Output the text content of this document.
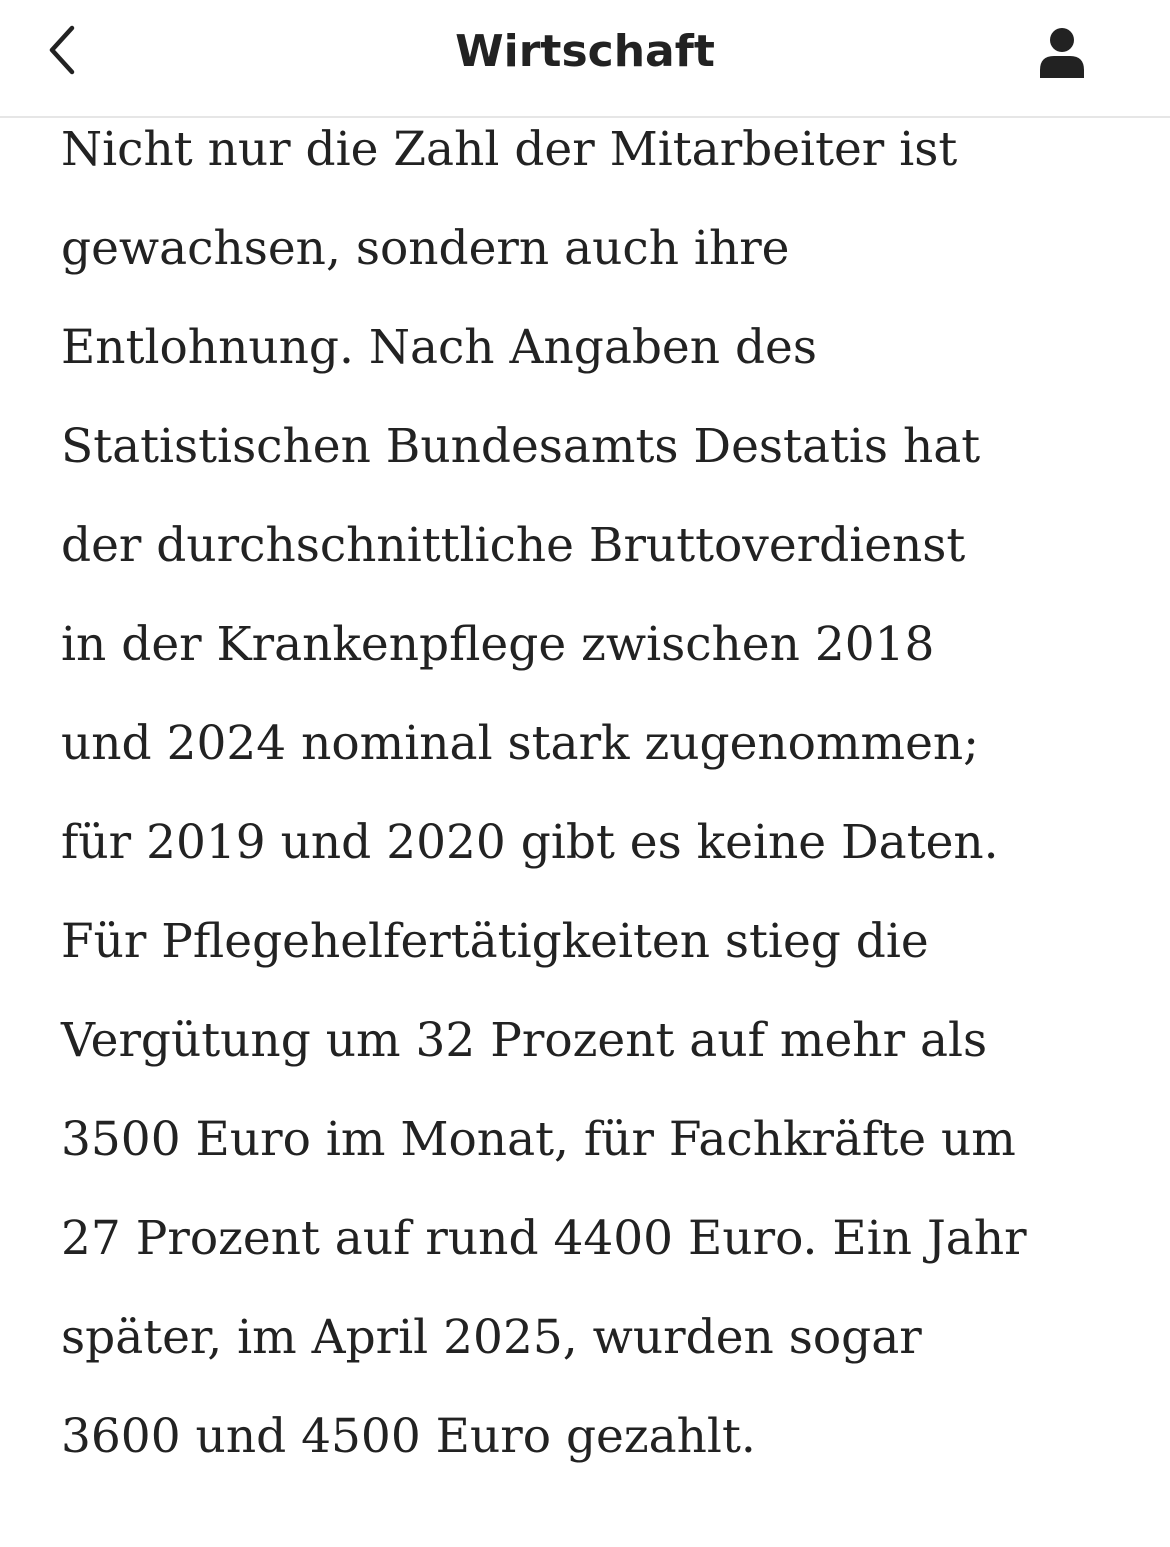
Wirtschaft

Nicht nur die Zahl der Mitarbeiter ist
gewachsen, sondern auch ihre
Entlohnung. Nach Angaben des
Statistischen Bundesamts Destatis hat
der durchschnittliche Bruttoverdienst
in der Krankenpflege zwischen 2018
und 2024 nominal stark zugenommen;
für 2019 und 2020 gibt es keine Daten.
Für Pflegehelfertätigkeiten stieg die
Vergütung um 32 Prozent auf mehr als
3500 Euro im Monat, für Fachkräfte um
27 Prozent auf rund 4400 Euro. Ein Jahr
später, im April 2025, wurden sogar
3600 und 4500 Euro gezahlt.
